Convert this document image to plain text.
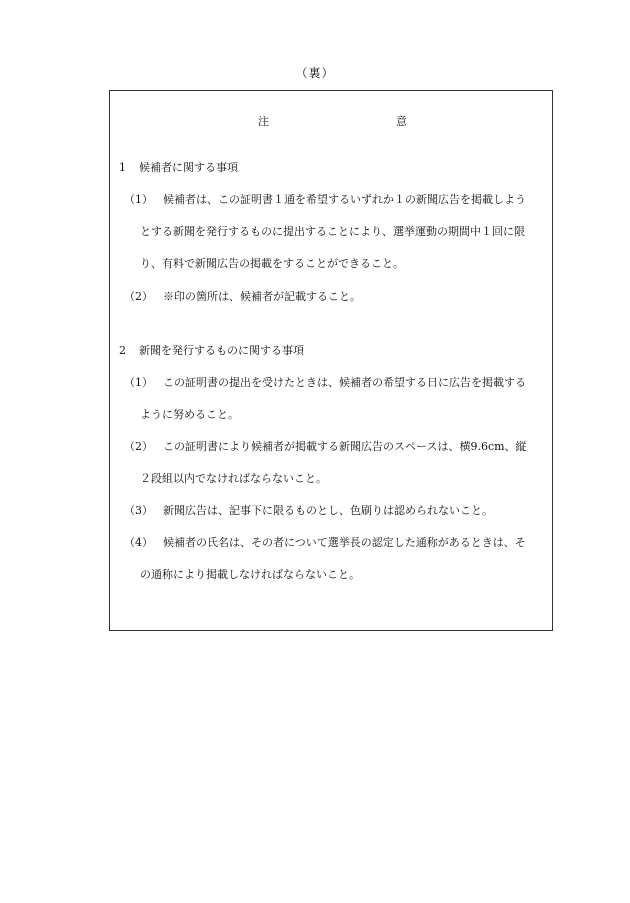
（裏）
注	意
1 候補者に関する事項
（1） 候補者は、この証明書１通を希望するいずれか１の新聞広告を掲載しよう
とする新聞を発行するものに提出することにより、選挙運動の期間中１回に限
り、有料で新聞広告の掲載をすることができること。
（2） ※印の箇所は、候補者が記載すること。
2 新聞を発行するものに関する事項
（1） この証明書の提出を受けたときは、候補者の希望する日に広告を掲載する
ように努めること。
（2） この証明書により候補者が掲載する新聞広告のスペースは、横9.6cm、縦
２段組以内でなければならないこと。
（3） 新聞広告は、記事下に限るものとし、色刷りは認められないこと。
（4） 候補者の氏名は、その者について選挙長の認定した通称があるときは、そ
の通称により掲載しなければならないこと。
